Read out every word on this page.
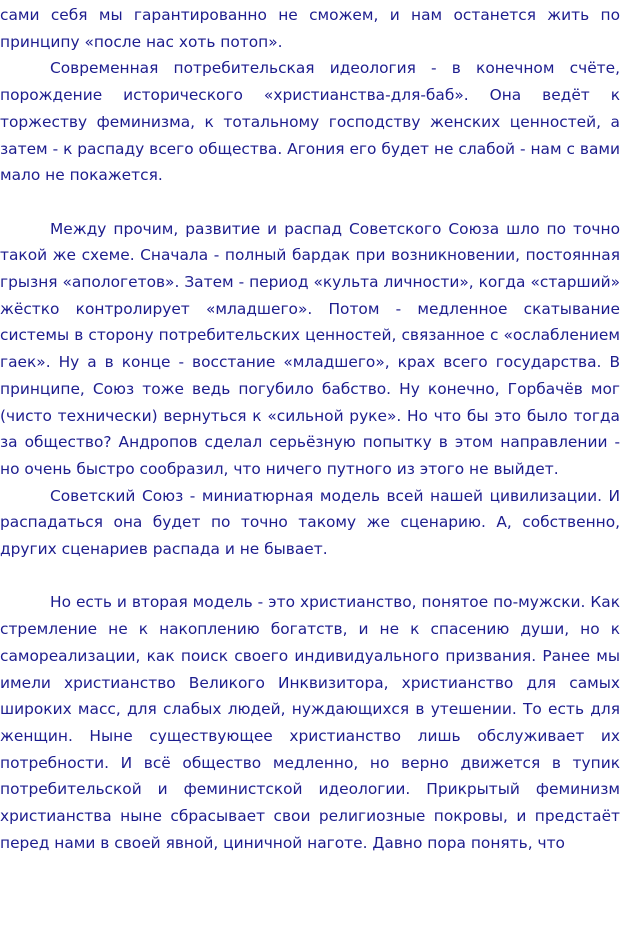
сами себя мы гарантированно не сможем, и нам останется жить по принципу «после нас хоть потоп».

Современная потребительская идеология - в конечном счёте, порождение исторического «христианства-для-баб». Она ведёт к торжеству феминизма, к тотальному господству женских ценностей, а затем - к распаду всего общества. Агония его будет не слабой - нам с вами мало не покажется.

Между прочим, развитие и распад Советского Союза шло по точно такой же схеме. Сначала - полный бардак при возникновении, постоянная грызня «апологетов». Затем - период «культа личности», когда «старший» жёстко контролирует «младшего». Потом - медленное скатывание системы в сторону потребительских ценностей, связанное с «ослаблением гаек». Ну а в конце - восстание «младшего», крах всего государства. В принципе, Союз тоже ведь погубило бабство. Ну конечно, Горбачёв мог (чисто технически) вернуться к «сильной руке». Но что бы это было тогда за общество? Андропов сделал серьёзную попытку в этом направлении - но очень быстро сообразил, что ничего путного из этого не выйдет.

Советский Союз - миниатюрная модель всей нашей цивилизации. И распадаться она будет по точно такому же сценарию. А, собственно, других сценариев распада и не бывает.

Но есть и вторая модель - это христианство, понятое по-мужски. Как стремление не к накоплению богатств, и не к спасению души, но к самореализации, как поиск своего индивидуального призвания. Ранее мы имели христианство Великого Инквизитора, христианство для самых широких масс, для слабых людей, нуждающихся в утешении. То есть для женщин. Ныне существующее христианство лишь обслуживает их потребности. И всё общество медленно, но верно движется в тупик потребительской и феминистской идеологии. Прикрытый феминизм христианства ныне сбрасывает свои религиозные покровы, и предстаёт перед нами в своей явной, циничной наготе. Давно пора понять, что
